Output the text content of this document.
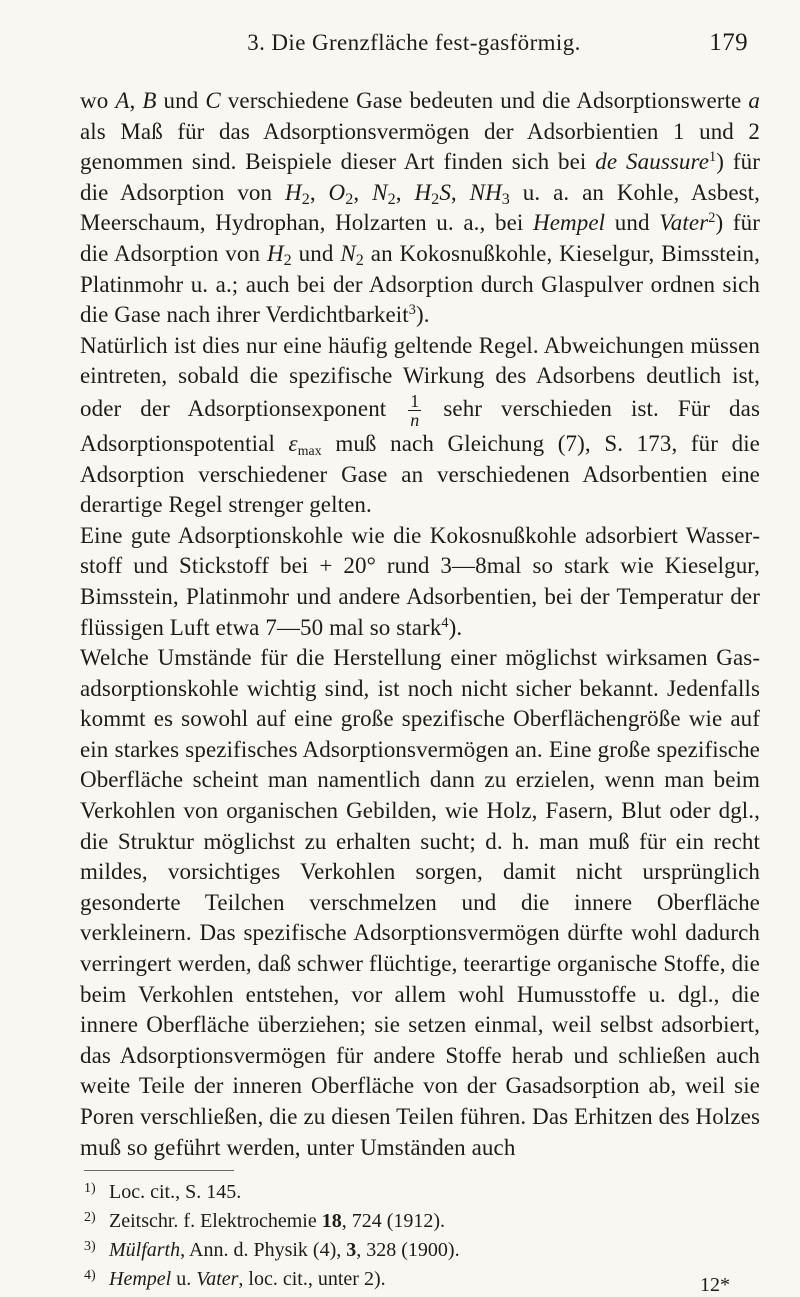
3. Die Grenzfläche fest-gasförmig.	179

wo A, B und C verschiedene Gase bedeuten und die Adsorptionswerte a als Maß für das Adsorptionsvermögen der Adsorbientien 1 und 2 genommen sind. Beispiele dieser Art finden sich bei de Saussure$^1$) für die Adsorption von $H_2$, $O_2$, $N_2$, $H_2S$, $NH_3$ u. a. an Kohle, Asbest, Meerschaum, Hydrophan, Holzarten u. a., bei Hempel und Vater$^2$) für die Adsorption von $H_2$ und $N_2$ an Kokosnußkohle, Kieselgur, Bimsstein, Platinmohr u. a.; auch bei der Adsorption durch Glaspulver ordnen sich die Gase nach ihrer Verdichtbarkeit$^3$).

Natürlich ist dies nur eine häufig geltende Regel. Abweichungen müssen eintreten, sobald die spezifische Wirkung des Adsorbens deutlich ist, oder der Adsorptionsexponent $\frac{1}{n}$ sehr verschieden ist. Für das Adsorptionspotential εmax muß nach Gleichung (7), S. 173, für die Adsorption verschiedener Gase an verschiedenen Adsorbentien eine derartige Regel strenger gelten.

Eine gute Adsorptionskohle wie die Kokosnußkohle adsorbiert Wasserstoff und Stickstoff bei + 20° rund 3—8mal so stark wie Kieselgur, Bimsstein, Platinmohr und andere Adsorbentien, bei der Temperatur der flüssigen Luft etwa 7—50 mal so stark$^4$).

Welche Umstände für die Herstellung einer möglichst wirksamen Gasadsorptionskohle wichtig sind, ist noch nicht sicher bekannt. Jedenfalls kommt es sowohl auf eine große spezifische Oberflächengröße wie auf ein starkes spezifisches Adsorptionsvermögen an. Eine große spezifische Oberfläche scheint man namentlich dann zu erzielen, wenn man beim Verkohlen von organischen Gebilden, wie Holz, Fasern, Blut oder dgl., die Struktur möglichst zu erhalten sucht; d. h. man muß für ein recht mildes, vorsichtiges Verkohlen sorgen, damit nicht ursprünglich gesonderte Teilchen verschmelzen und die innere Oberfläche verkleinern. Das spezifische Adsorptionsvermögen dürfte wohl dadurch verringert werden, daß schwer flüchtige, teerartige organische Stoffe, die beim Verkohlen entstehen, vor allem wohl Humusstoffe u. dgl., die innere Oberfläche überziehen; sie setzen einmal, weil selbst adsorbiert, das Adsorptionsvermögen für andere Stoffe herab und schließen auch weite Teile der inneren Oberfläche von der Gasadsorption ab, weil sie Poren verschließen, die zu diesen Teilen führen. Das Erhitzen des Holzes muß so geführt werden, unter Umständen auch

1) Loc. cit., S. 145.
2) Zeitschr. f. Elektrochemie 18, 724 (1912).
3) Mülfarth, Ann. d. Physik (4), 3, 328 (1900).
4) Hempel u. Vater, loc. cit., unter 2).	12*
